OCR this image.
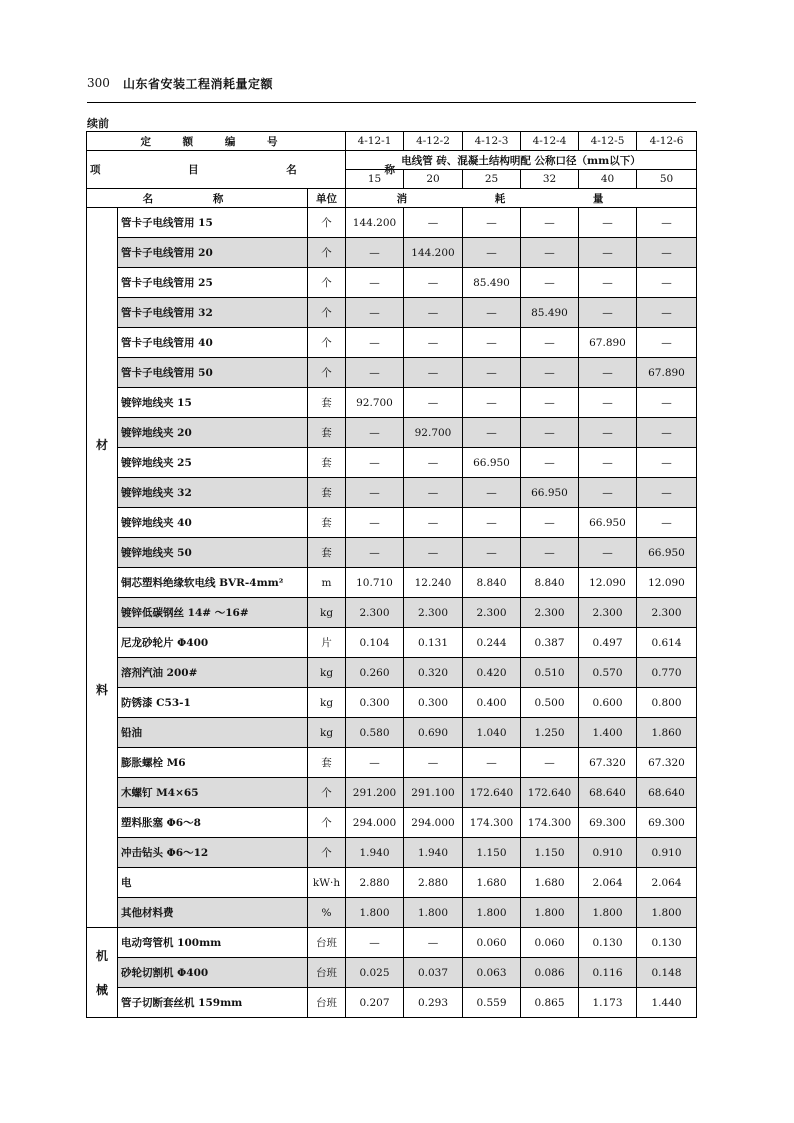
300 山东省安装工程消耗量定额
续前
定 额 编 号			4-12-1	4-12-2	4-12-3	4-12-4	4-12-5	4-12-6
项 目 名 称			电线管 砖、混凝土结构明配 公称口径（mm以下）					
			15	20	25	32	40	50
名 称		单位	消 耗 量					

材
料	管卡子电线管用 15	个	144.200	—	—	—	—	—
	管卡子电线管用 20	个	—	144.200	—	—	—	—
	管卡子电线管用 25	个	—	—	85.490	—	—	—
	管卡子电线管用 32	个	—	—	—	85.490	—	—
	管卡子电线管用 40	个	—	—	—	—	67.890	—
	管卡子电线管用 50	个	—	—	—	—	—	67.890
	镀锌地线夹 15	套	92.700	—	—	—	—	—
	镀锌地线夹 20	套	—	92.700	—	—	—	—
	镀锌地线夹 25	套	—	—	66.950	—	—	—
	镀锌地线夹 32	套	—	—	—	66.950	—	—
	镀锌地线夹 40	套	—	—	—	—	66.950	—
	镀锌地线夹 50	套	—	—	—	—	—	66.950
	铜芯塑料绝缘软电线 BVR-4mm²	m	10.710	12.240	8.840	8.840	12.090	12.090
	镀锌低碳钢丝 14# ～16#	kg	2.300	2.300	2.300	2.300	2.300	2.300
	尼龙砂轮片 Φ400	片	0.104	0.131	0.244	0.387	0.497	0.614
	溶剂汽油 200#	kg	0.260	0.320	0.420	0.510	0.570	0.770
	防锈漆 C53-1	kg	0.300	0.300	0.400	0.500	0.600	0.800
	铅油	kg	0.580	0.690	1.040	1.250	1.400	1.860
	膨胀螺栓 M6	套	—	—	—	—	67.320	67.320
	木螺钉 M4×65	个	291.200	291.100	172.640	172.640	68.640	68.640
	塑料胀塞 Φ6～8	个	294.000	294.000	174.300	174.300	69.300	69.300
	冲击钻头 Φ6～12	个	1.940	1.940	1.150	1.150	0.910	0.910
	电	kW·h	2.880	2.880	1.680	1.680	2.064	2.064
	其他材料费	%	1.800	1.800	1.800	1.800	1.800	1.800

机
械	电动弯管机 100mm	台班	—	—	0.060	0.060	0.130	0.130
	砂轮切割机 Φ400	台班	0.025	0.037	0.063	0.086	0.116	0.148
	管子切断套丝机 159mm	台班	0.207	0.293	0.559	0.865	1.173	1.440
